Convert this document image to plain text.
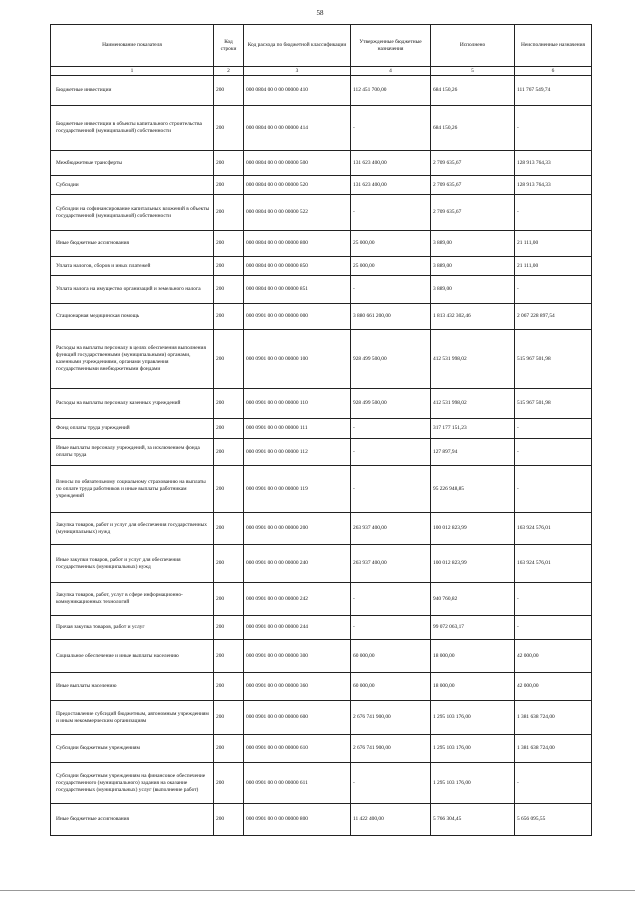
58
Наименование показателя	Код строки	Код расхода по бюджетной классификации	Утвержденные бюджетные назначения	Исполнено	Неисполненные назначения
1	2	3	4	5	6
Бюджетные инвестиции	200	000 0804 00 0 00 00000 410	112 451 700,00	684 150,26	111 767 549,74
Бюджетные инвестиции в объекты капитального строительства государственной (муниципальной) собственности	200	000 0804 00 0 00 00000 414	-	684 150,26	-
Межбюджетные трансферты	200	000 0804 00 0 00 00000 500	131 623 400,00	2 709 635,67	128 913 764,33
Субсидии	200	000 0804 00 0 00 00000 520	131 623 400,00	2 709 635,67	128 913 764,33
Субсидии на софинансирование капитальных вложений в объекты государственной (муниципальной) собственности	200	000 0804 00 0 00 00000 522	-	2 709 635,67	-
Иные бюджетные ассигнования	200	000 0804 00 0 00 00000 800	25 000,00	3 889,00	21 111,00
Уплата налогов, сборов и иных платежей	200	000 0804 00 0 00 00000 850	25 000,00	3 889,00	21 111,00
Уплата налога на имущество организаций и земельного налога	200	000 0804 00 0 00 00000 851	-	3 889,00	-
Стационарная медицинская помощь	200	000 0901 00 0 00 00000 000	3 880 661 200,00	1 813 432 302,46	2 067 228 897,54
Расходы на выплаты персоналу в целях обеспечения выполнения функций государственными (муниципальными) органами, казенными учреждениями, органами управления государственными внебюджетными фондами	200	000 0901 00 0 00 00000 100	928 499 500,00	412 531 998,02	515 967 501,98
Расходы на выплаты персоналу казенных учреждений	200	000 0901 00 0 00 00000 110	928 499 500,00	412 531 998,02	515 967 501,98
Фонд оплаты труда учреждений	200	000 0901 00 0 00 00000 111	-	317 177 151,23	-
Иные выплаты персоналу учреждений, за исключением фонда оплаты труда	200	000 0901 00 0 00 00000 112	-	127 897,94	-
Взносы по обязательному социальному страхованию на выплаты по оплате труда работников и иные выплаты работникам учреждений	200	000 0901 00 0 00 00000 119	-	95 226 948,85	-
Закупка товаров, работ и услуг для обеспечения государственных (муниципальных) нужд	200	000 0901 00 0 00 00000 200	263 937 400,00	100 012 823,99	163 924 576,01
Иные закупки товаров, работ и услуг для обеспечения государственных (муниципальных) нужд	200	000 0901 00 0 00 00000 240	263 937 400,00	100 012 823,99	163 924 576,01
Закупка товаров, работ, услуг в сфере информационно-коммуникационных технологий	200	000 0901 00 0 00 00000 242	-	940 760,82	-
Прочая закупка товаров, работ и услуг	200	000 0901 00 0 00 00000 244	-	99 072 063,17	-
Социальное обеспечение и иные выплаты населению	200	000 0901 00 0 00 00000 300	60 000,00	18 000,00	42 000,00
Иные выплаты населению	200	000 0901 00 0 00 00000 360	60 000,00	18 000,00	42 000,00
Предоставление субсидий бюджетным, автономным учреждениям и иным некоммерческим организациям	200	000 0901 00 0 00 00000 600	2 676 741 900,00	1 295 103 176,00	1 381 638 724,00
Субсидии бюджетным учреждениям	200	000 0901 00 0 00 00000 610	2 676 741 900,00	1 295 103 176,00	1 381 638 724,00
Субсидии бюджетным учреждениям на финансовое обеспечение государственного (муниципального) задания на оказание государственных (муниципальных) услуг (выполнение работ)	200	000 0901 00 0 00 00000 611	-	1 295 103 176,00	-
Иные бюджетные ассигнования	200	000 0901 00 0 00 00000 800	11 422 400,00	5 766 304,45	5 656 095,55
